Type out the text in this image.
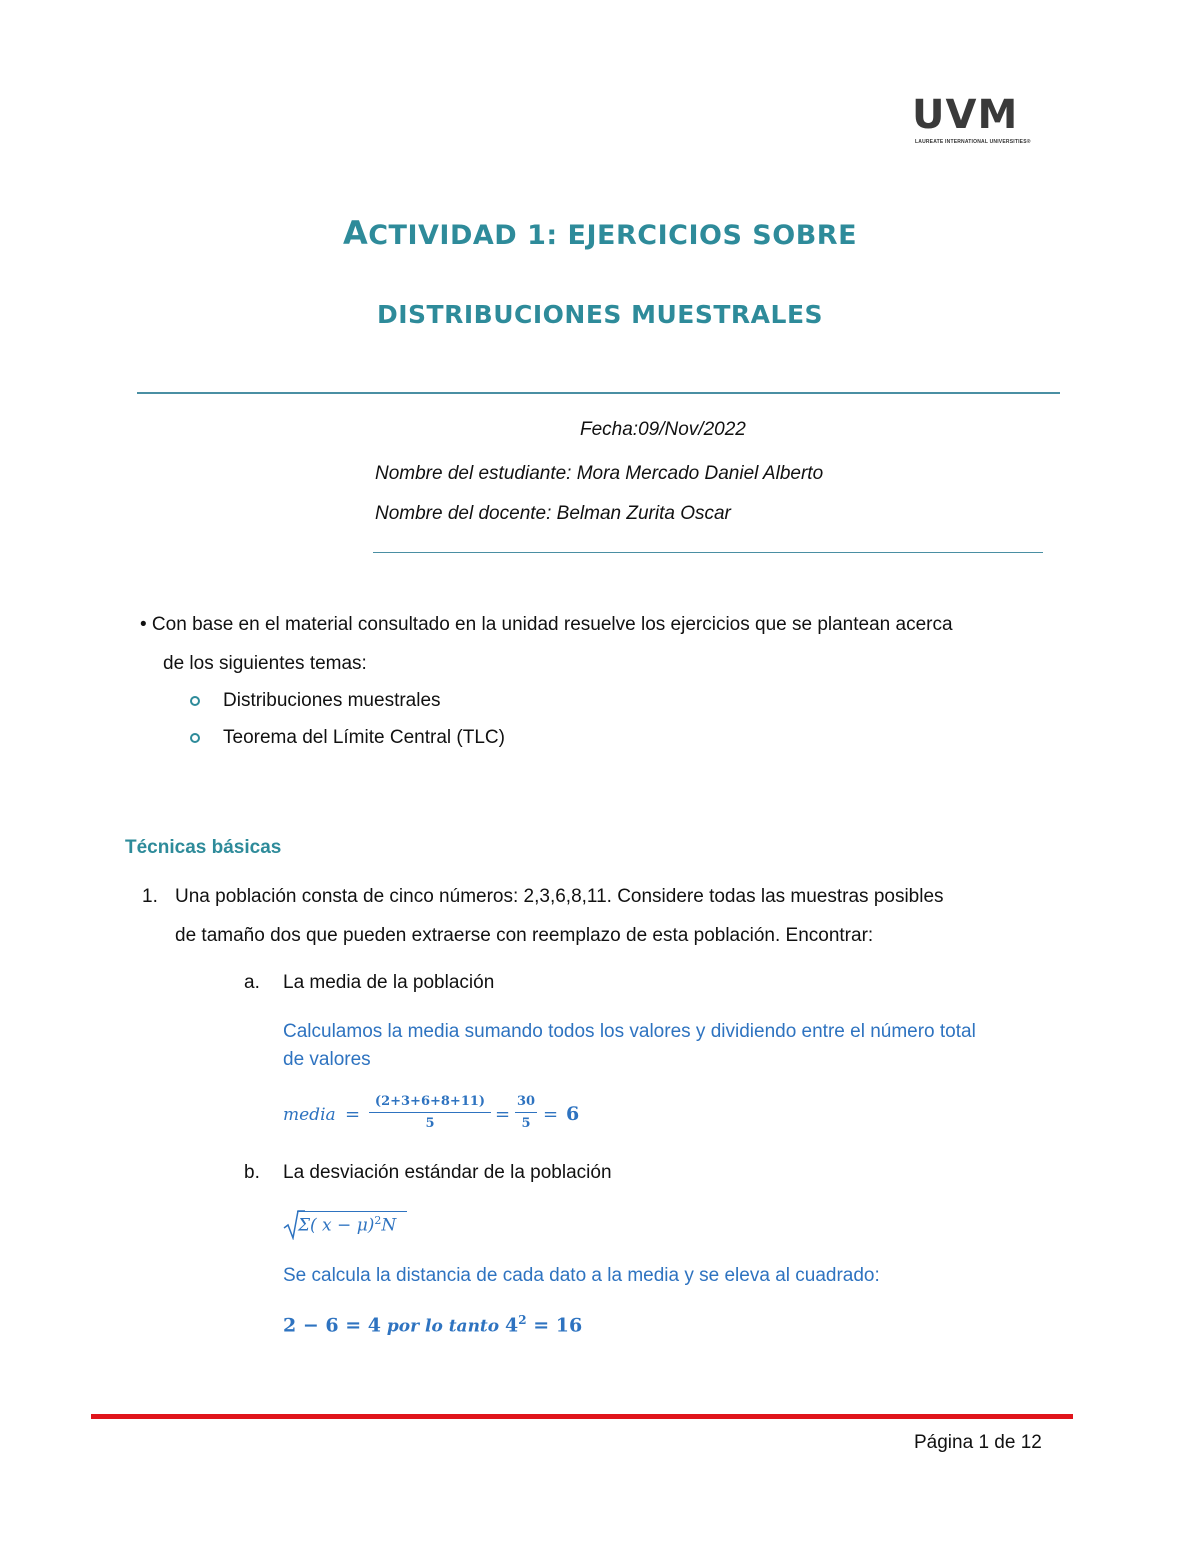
UVM
LAUREATE INTERNATIONAL UNIVERSITIES®
ACTIVIDAD 1: EJERCICIOS SOBRE
DISTRIBUCIONES MUESTRALES
Fecha:09/Nov/2022
Nombre del estudiante: Mora Mercado Daniel Alberto
Nombre del docente: Belman Zurita Oscar
• Con base en el material consultado en la unidad resuelve los ejercicios que se plantean acerca
de los siguientes temas:
Distribuciones muestrales
Teorema del Límite Central (TLC)
Técnicas básicas
1. Una población consta de cinco números: 2,3,6,8,11. Considere todas las muestras posibles
de tamaño dos que pueden extraerse con reemplazo de esta población. Encontrar:
a. La media de la población
Calculamos la media sumando todos los valores y dividiendo entre el número total
de valores
media =
(2+3+6+8+11)
5	=
30
5 = 6
b. La desviación estándar de la población
Σ( x − μ)$^2$N
Se calcula la distancia de cada dato a la media y se eleva al cuadrado:
2 − 6 = 4 por lo tanto $4^2 = 16$
Página 1 de 12
